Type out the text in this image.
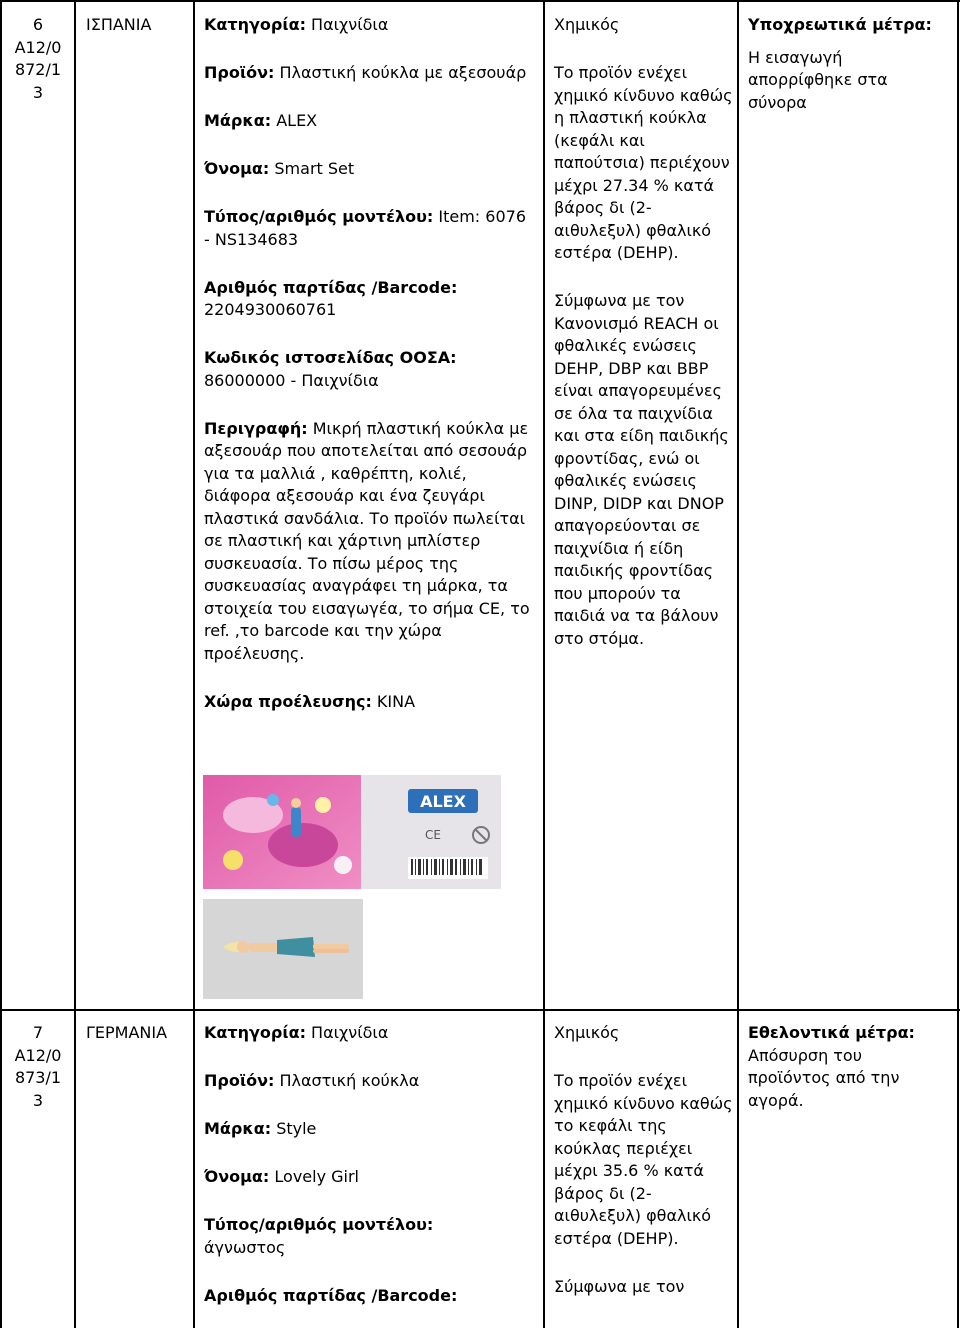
6
A12/0
872/1
3
ΙΣΠΑΝΙΑ	Κατηγορία: Παιχνίδια

Προϊόν: Πλαστική κούκλα με αξεσουάρ

Μάρκα: ALEX

Όνομα: Smart Set

Τύπος/αριθμός μοντέλου: Item: 6076 - NS134683

Αριθμός παρτίδας /Barcode: 2204930060761

Κωδικός ιστοσελίδας ΟΟΣΑ: 86000000 - Παιχνίδια

Περιγραφή: Μικρή πλαστική κούκλα με αξεσουάρ που αποτελείται από σεσουάρ για τα μαλλιά , καθρέπτη, κολιέ, διάφορα αξεσουάρ και ένα ζευγάρι πλαστικά σανδάλια. Το προϊόν πωλείται σε πλαστική και χάρτινη μπλίστερ συσκευασία. Το πίσω μέρος της συσκευασίας αναγράφει τη μάρκα, τα στοιχεία του εισαγωγέα, το σήμα CE, το ref. ,το barcode και την χώρα προέλευσης.

Χώρα προέλευσης: ΚΙΝΑ

ALEX
CE

Χημικός

Το προϊόν ενέχει χημικό κίνδυνο καθώς η πλαστική κούκλα (κεφάλι και παπούτσια) περιέχουν μέχρι 27.34 % κατά βάρος δι (2-αιθυλεξυλ) φθαλικό εστέρα (DEHP).

Σύμφωνα με τον Κανονισμό REACH οι φθαλικές ενώσεις DEHP, DBP και BBP είναι απαγορευμένες σε όλα τα παιχνίδια και στα είδη παιδικής φροντίδας, ενώ οι φθαλικές ενώσεις DINP, DIDP και DNOP απαγορεύονται σε παιχνίδια ή είδη παιδικής φροντίδας που μπορούν τα παιδιά να τα βάλουν στο στόμα.

Υποχρεωτικά μέτρα:

Η εισαγωγή απορρίφθηκε στα σύνορα

7
A12/0
873/1
3
ΓΕΡΜΑΝΙΑ	Κατηγορία: Παιχνίδια

Προϊόν: Πλαστική κούκλα

Μάρκα: Style

Όνομα: Lovely Girl

Τύπος/αριθμός μοντέλου:
άγνωστος

Αριθμός παρτίδας /Barcode:

Χημικός

Το προϊόν ενέχει χημικό κίνδυνο καθώς το κεφάλι της κούκλας περιέχει μέχρι 35.6 % κατά βάρος δι (2-αιθυλεξυλ) φθαλικό εστέρα (DEHP).

Σύμφωνα με τον

Εθελοντικά μέτρα:

Απόσυρση του προϊόντος από την αγορά.
